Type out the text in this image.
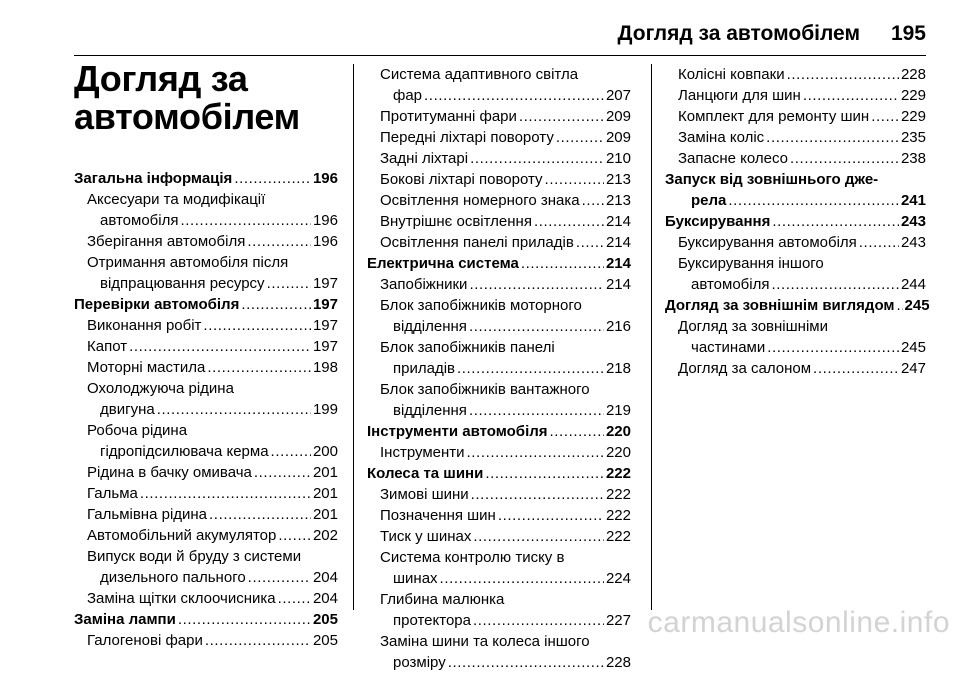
Догляд за автомобілем 195
Догляд за
автомобілем
Загальна інформація .....	196
Аксесуари та модифікації
автомобіля .....	196
Зберігання автомобіля .....	196
Отримання автомобіля після
відпрацювання ресурсу .....	197
Перевірки автомобіля .....	197
Виконання робіт .....	197
Капот .....	197
Моторні мастила .....	198
Охолоджуюча рідина
двигуна .....	199
Робоча рідина
гідропідсилювача керма .....	200
Рідина в бачку омивача .....	201
Гальма .....	201
Гальмівна рідина .....	201
Автомобільний акумулятор ..... 202
Випуск води й бруду з системи
дизельного пального .....	204
Заміна щітки склоочисника ..... 204
Заміна лампи .....	205
Галогенові фари .....	205
Система адаптивного світла
фар .....	207
Протитуманні фари .....	209
Передні ліхтарі повороту .....	209
Задні ліхтарі .....	210
Бокові ліхтарі повороту .....	213
Освітлення номерного знака ..... 213
Внутрішнє освітлення .....	214
Освітлення панелі приладів ..... 214
Електрична система .....	214
Запобіжники .....	214
Блок запобіжників моторного
відділення .....	216
Блок запобіжників панелі
приладів .....	218
Блок запобіжників вантажного
відділення .....	219
Інструменти автомобіля .....	220
Інструменти .....	220
Колеса та шини .....	222
Зимові шини .....	222
Позначення шин .....	222
Тиск у шинах .....	222
Система контролю тиску в
шинах .....	224
Глибина малюнка
протектора .....	227
Заміна шини та колеса іншого
розміру .....	228
Колісні ковпаки .....	228
Ланцюги для шин .....	229
Комплект для ремонту шин ..... 229
Заміна коліс .....	235
Запасне колесо .....	238
Запуск від зовнішнього дже-
рела .....	241
Буксирування .....	243
Буксирування автомобіля .....	243
Буксирування іншого
автомобіля .....	244
Догляд за зовнішнім виглядом ..... 245
Догляд за зовнішніми
частинами .....	245
Догляд за салоном .....	247
carmanualsonline.info
